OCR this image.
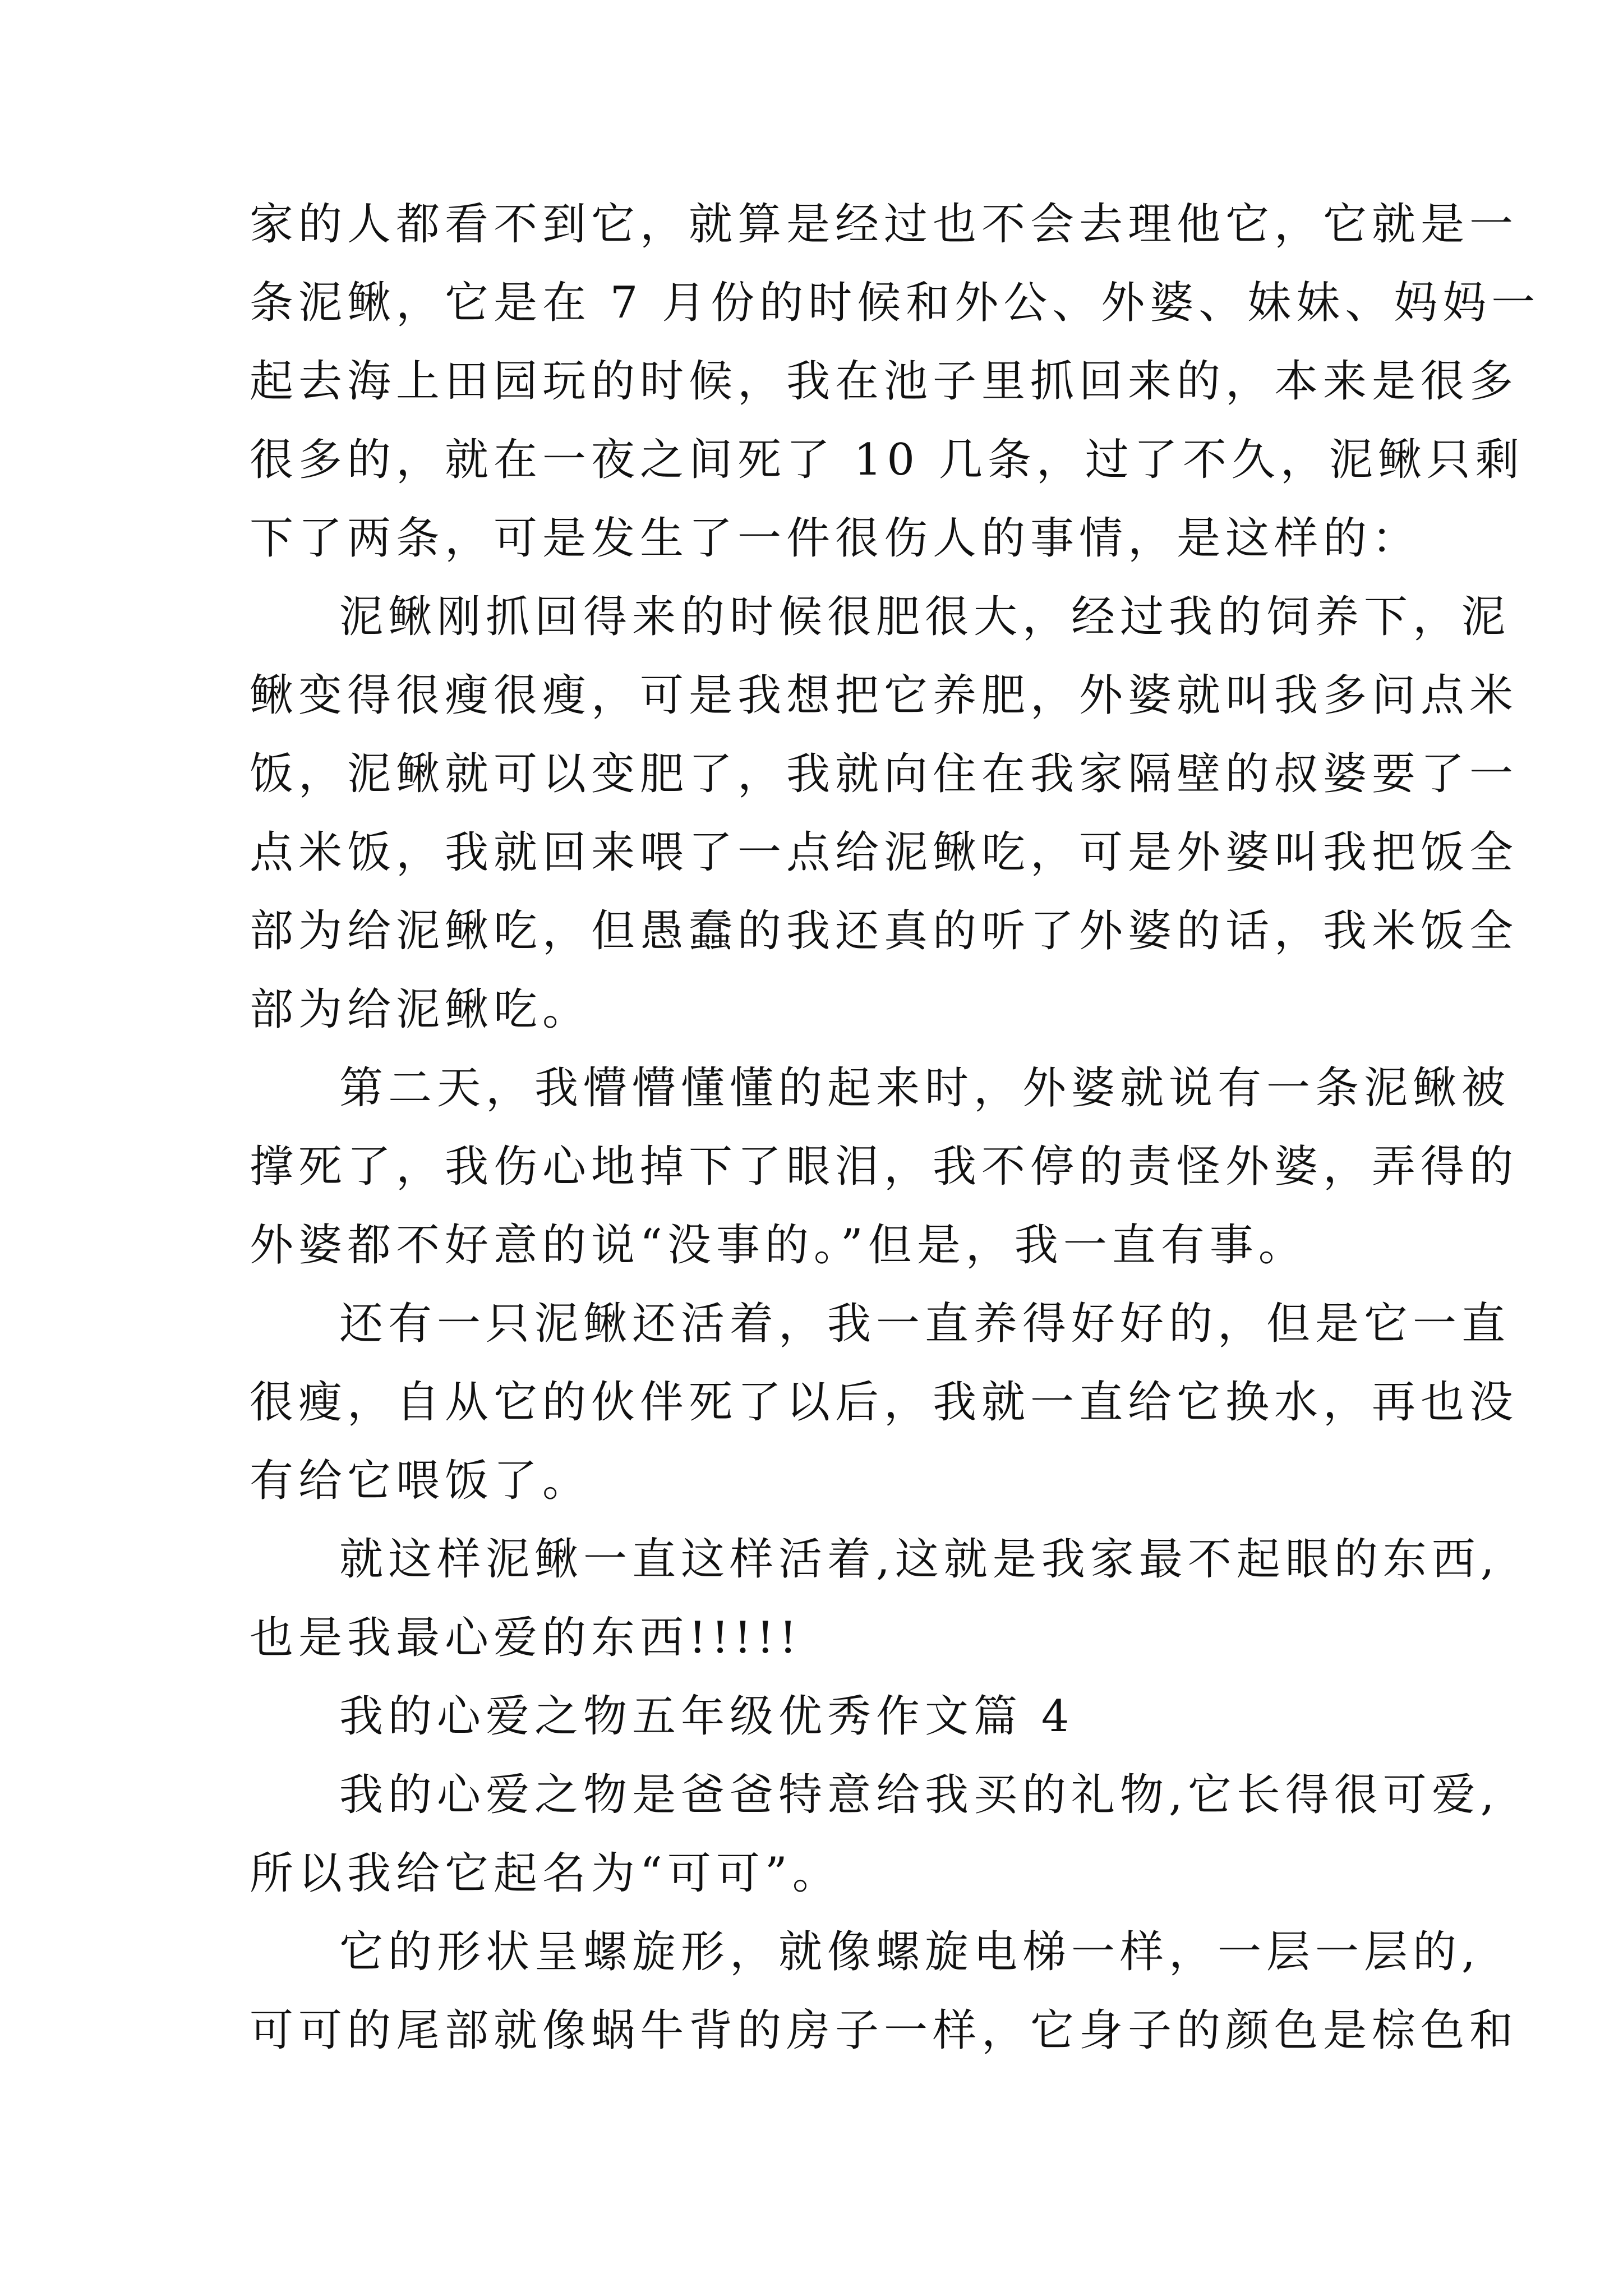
家的人都看不到它，就算是经过也不会去理他它，它就是一
条泥鳅，它是在 7 月份的时候和外公、外婆、妹妹、妈妈一
起去海上田园玩的时候，我在池子里抓回来的，本来是很多
很多的，就在一夜之间死了 10 几条，过了不久，泥鳅只剩
下了两条，可是发生了一件很伤人的事情，是这样的：
泥鳅刚抓回得来的时候很肥很大，经过我的饲养下，泥
鳅变得很瘦很瘦，可是我想把它养肥，外婆就叫我多问点米
饭，泥鳅就可以变肥了，我就向住在我家隔壁的叔婆要了一
点米饭，我就回来喂了一点给泥鳅吃，可是外婆叫我把饭全
部为给泥鳅吃，但愚蠢的我还真的听了外婆的话，我米饭全
部为给泥鳅吃。
第二天，我懵懵懂懂的起来时，外婆就说有一条泥鳅被
撑死了，我伤心地掉下了眼泪，我不停的责怪外婆，弄得的
外婆都不好意的说“没事的。”但是，我一直有事。
还有一只泥鳅还活着，我一直养得好好的，但是它一直
很瘦，自从它的伙伴死了以后，我就一直给它换水，再也没
有给它喂饭了。
就这样泥鳅一直这样活着,这就是我家最不起眼的东西,
也是我最心爱的东西!!!!!
我的心爱之物五年级优秀作文篇 4
我的心爱之物是爸爸特意给我买的礼物,它长得很可爱,
所以我给它起名为“可可”。
它的形状呈螺旋形，就像螺旋电梯一样，一层一层的,
可可的尾部就像蜗牛背的房子一样，它身子的颜色是棕色和
